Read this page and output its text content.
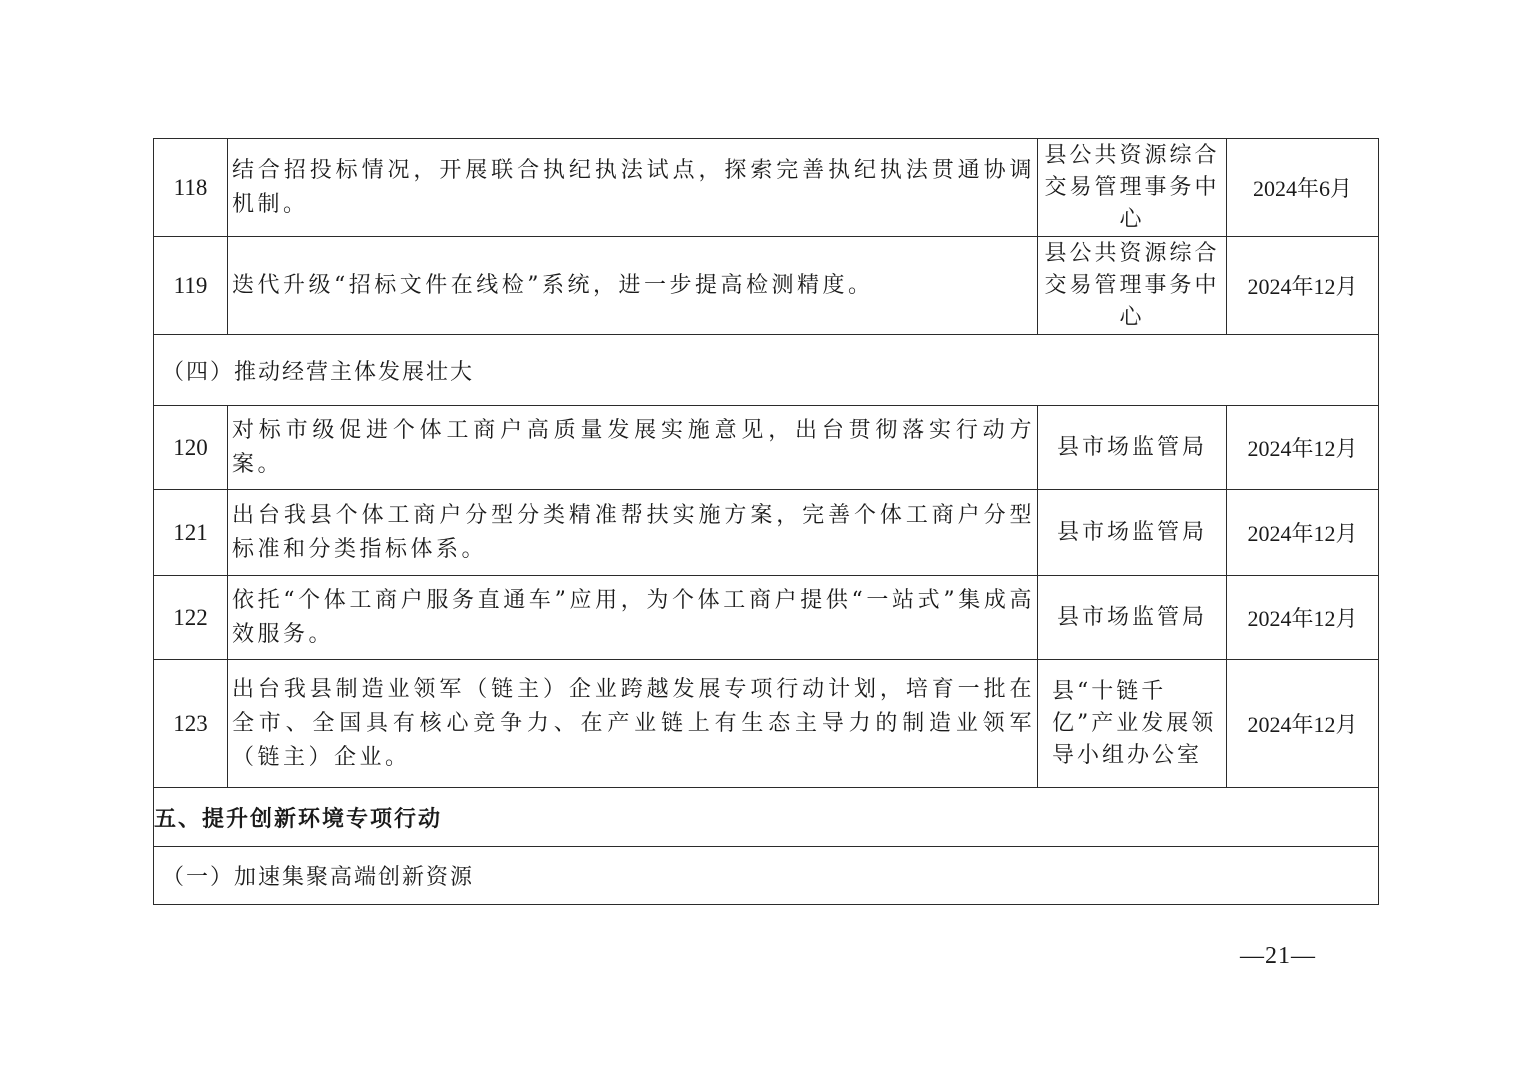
118	结合招投标情况，开展联合执纪执法试点，探索完善执纪执法贯通协调机制。	县公共资源综合交易管理事务中心	2024年6月
119	迭代升级“招标文件在线检”系统，进一步提高检测精度。	县公共资源综合交易管理事务中心	2024年12月
（四）推动经营主体发展壮大			
120	对标市级促进个体工商户高质量发展实施意见，出台贯彻落实行动方案。	县市场监管局	2024年12月
121	出台我县个体工商户分型分类精准帮扶实施方案，完善个体工商户分型标准和分类指标体系。	县市场监管局	2024年12月
122	依托“个体工商户服务直通车”应用，为个体工商户提供“一站式”集成高效服务。	县市场监管局	2024年12月
123	出台我县制造业领军（链主）企业跨越发展专项行动计划，培育一批在全市、全国具有核心竞争力、在产业链上有生态主导力的制造业领军（链主）企业。	县“十链千亿”产业发展领导小组办公室	2024年12月
五、提升创新环境专项行动			
（一）加速集聚高端创新资源			
—21—
